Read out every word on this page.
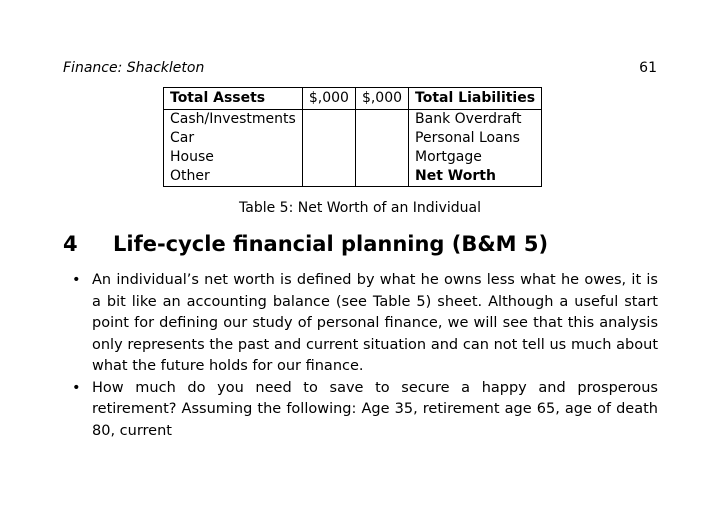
Finance: Shackleton	61
Total Assets	$,000	$,000	Total Liabilities
Cash/Investments			Bank Overdraft
Car			Personal Loans
House			Mortgage
Other			Net Worth
Table 5: Net Worth of an Individual
4 Life-cycle financial planning (B&M 5)
• An individual’s net worth is defined by what he owns less what he owes, it is a bit like an accounting balance (see Table 5) sheet. Although a useful start point for defining our study of personal finance, we will see that this analysis only represents the past and current situation and can not tell us much about what the future holds for our finance.
• How much do you need to save to secure a happy and prosperous retirement? Assuming the following: Age 35, retirement age 65, age of death 80, current
